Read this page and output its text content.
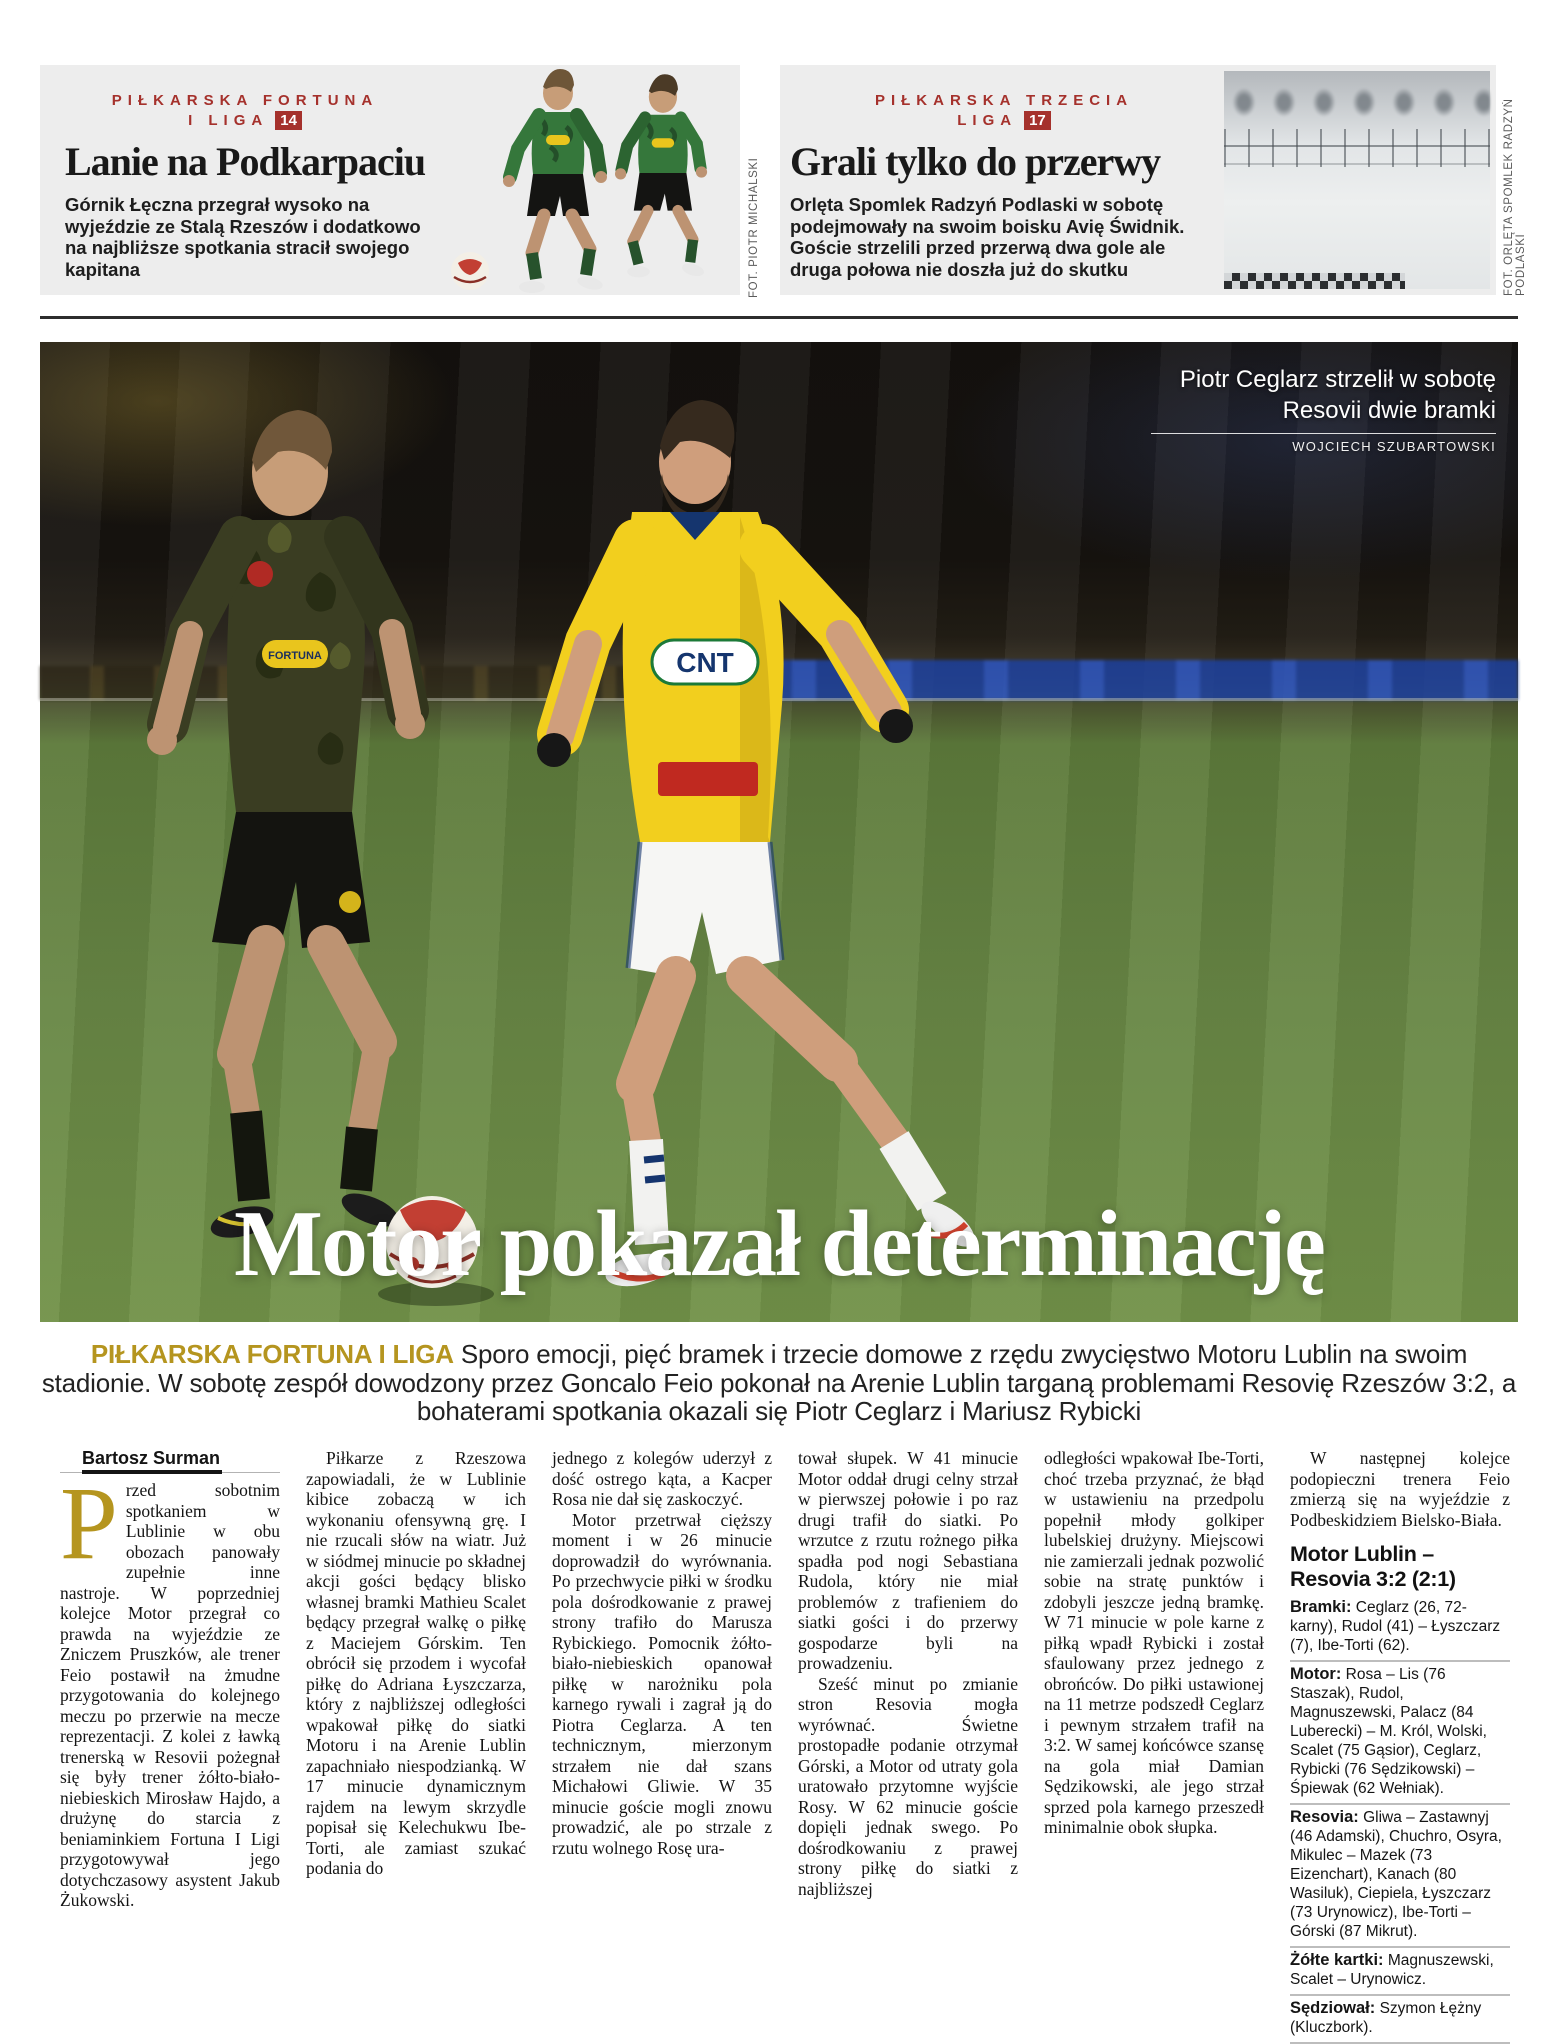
PIŁKARSKA FORTUNA
I LIGA 14
Lanie na Podkarpaciu

Górnik Łęczna przegrał wysoko na wyjeździe ze Stalą Rzeszów i dodatkowo na najbliższe spotkania stracił swojego kapitana	FOT. PIOTR MICHALSKI
PIŁKARSKA TRZECIA
LIGA 17
Grali tylko do przerwy

Orlęta Spomlek Radzyń Podlaski w sobotę podejmowały na swoim boisku Avię Świdnik. Goście strzelili przed przerwą dwa gole ale druga połowa nie doszła już do skutku	FOT. ORLĘTA SPOMLEK RADZYŃ PODLASKI
FORTUNA	CNT
Piotr Ceglarz strzelił w sobotę Resovii dwie bramki
WOJCIECH SZUBARTOWSKI
Motor pokazał determinację

PIŁKARSKA FORTUNA I LIGA Sporo emocji, pięć bramek i trzecie domowe z rzędu zwycięstwo Motoru Lublin na swoim stadionie. W sobotę zespół dowodzony przez Goncalo Feio pokonał na Arenie Lublin targaną problemami Resovię Rzeszów 3:2, a bohaterami spotkania okazali się Piotr Ceglarz i Mariusz Rybicki

Bartosz Surman

Przed sobotnim spotkaniem w Lublinie w obu obozach panowały zupełnie inne nastroje. W poprzedniej kolejce Motor przegrał co prawda na wyjeździe ze Zniczem Pruszków, ale trener Feio postawił na żmudne przygotowania do kolejnego meczu po przerwie na mecze reprezentacji. Z kolei z ławką trenerską w Resovii pożegnał się były trener żółto-biało-niebieskich Mirosław Hajdo, a drużynę do starcia z beniaminkiem Fortuna I Ligi przygotowywał jego dotychczasowy asystent Jakub Żukowski.

Piłkarze z Rzeszowa zapowiadali, że w Lublinie kibice zobaczą w ich wykonaniu ofensywną grę. I nie rzucali słów na wiatr. Już w siódmej minucie po składnej akcji gości będący blisko własnej bramki Mathieu Scalet będący przegrał walkę o piłkę z Maciejem Górskim. Ten obrócił się przodem i wycofał piłkę do Adriana Łyszczarza, który z najbliższej odległości wpakował piłkę do siatki Motoru i na Arenie Lublin zapachniało niespodzianką. W 17 minucie dynamicznym rajdem na lewym skrzydle popisał się Kelechukwu Ibe-Torti, ale zamiast szukać podania do

jednego z kolegów uderzył z dość ostrego kąta, a Kacper Rosa nie dał się zaskoczyć.

Motor przetrwał cięższy moment i w 26 minucie doprowadził do wyrównania. Po przechwycie piłki w środku pola dośrodkowanie z prawej strony trafiło do Marusza Rybickiego. Pomocnik żółto-biało-niebieskich opanował piłkę w narożniku pola karnego rywali i zagrał ją do Piotra Ceglarza. A ten technicznym, mierzonym strzałem nie dał szans Michałowi Gliwie. W 35 minucie goście mogli znowu prowadzić, ale po strzale z rzutu wolnego Rosę ura-

tował słupek. W 41 minucie Motor oddał drugi celny strzał w pierwszej połowie i po raz drugi trafił do siatki. Po wrzutce z rzutu rożnego piłka spadła pod nogi Sebastiana Rudola, który nie miał problemów z trafieniem do siatki gości i do przerwy gospodarze byli na prowadzeniu.

Sześć minut po zmianie stron Resovia mogła wyrównać. Świetne prostopadłe podanie otrzymał Górski, a Motor od utraty gola uratowało przytomne wyjście Rosy. W 62 minucie goście dopięli jednak swego. Po dośrodkowaniu z prawej strony piłkę do siatki z najbliższej

odległości wpakował Ibe-Torti, choć trzeba przyznać, że błąd w ustawieniu na przedpolu popełnił młody golkiper lubelskiej drużyny. Miejscowi nie zamierzali jednak pozwolić sobie na stratę punktów i zdobyli jeszcze jedną bramkę. W 71 minucie w pole karne z piłką wpadł Rybicki i został sfaulowany przez jednego z obrońców. Do piłki ustawionej na 11 metrze podszedł Ceglarz i pewnym strzałem trafił na 3:2. W samej końcówce szansę na gola miał Damian Sędzikowski, ale jego strzał sprzed pola karnego przeszedł minimalnie obok słupka.

W następnej kolejce podopieczni trenera Feio zmierzą się na wyjeździe z Podbeskidziem Bielsko-Biała.

Motor Lublin – Resovia 3:2 (2:1)
Bramki: Ceglarz (26, 72-karny), Rudol (41) – Łyszczarz (7), Ibe-Torti (62).
Motor: Rosa – Lis (76 Staszak), Rudol, Magnuszewski, Palacz (84 Luberecki) – M. Król, Wolski, Scalet (75 Gąsior), Ceglarz, Rybicki (76 Sędzikowski) – Śpiewak (62 Wełniak).
Resovia: Gliwa – Zastawnyj (46 Adamski), Chuchro, Osyra, Mikulec – Mazek (73 Eizenchart), Kanach (80 Wasiluk), Ciepiela, Łyszczarz (73 Urynowicz), Ibe-Torti – Górski (87 Mikrut).
Żółte kartki: Magnuszewski, Scalet – Urynowicz.
Sędziował: Szymon Łężny (Kluczbork).
